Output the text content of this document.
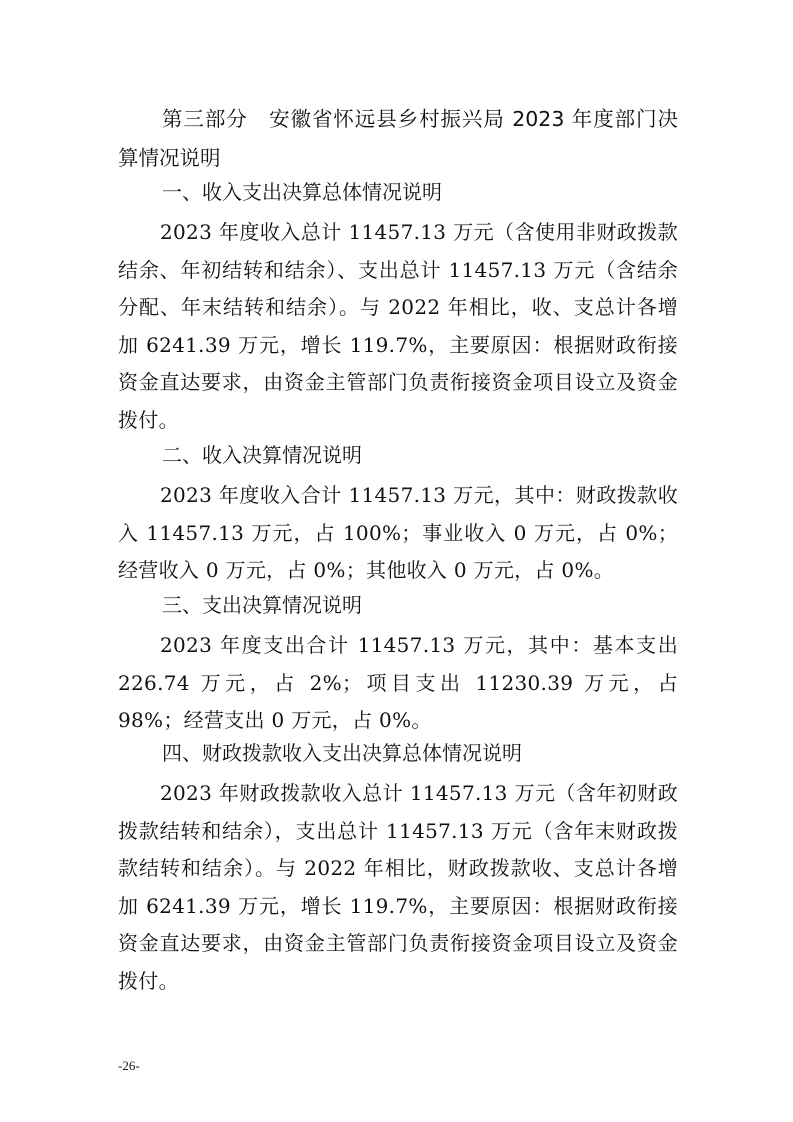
第三部分　安徽省怀远县乡村振兴局 2023 年度部门决算情况说明
一、收入支出决算总体情况说明

2023 年度收入总计 11457.13 万元（含使用非财政拨款结余、年初结转和结余）、支出总计 11457.13 万元（含结余分配、年末结转和结余）。与 2022 年相比，收、支总计各增加 6241.39 万元，增长 119.7%，主要原因：根据财政衔接资金直达要求，由资金主管部门负责衔接资金项目设立及资金拨付。

二、收入决算情况说明

2023 年度收入合计 11457.13 万元，其中：财政拨款收入 11457.13 万元，占 100%；事业收入 0 万元，占 0%；经营收入 0 万元，占 0%；其他收入 0 万元，占 0%。

三、支出决算情况说明

2023 年度支出合计 11457.13 万元，其中：基本支出 226.74 万元，占 2%；项目支出 11230.39 万元，占 98%；经营支出 0 万元，占 0%。

四、财政拨款收入支出决算总体情况说明

2023 年财政拨款收入总计 11457.13 万元（含年初财政拨款结转和结余），支出总计 11457.13 万元（含年末财政拨款结转和结余）。与 2022 年相比，财政拨款收、支总计各增加 6241.39 万元，增长 119.7%，主要原因：根据财政衔接资金直达要求，由资金主管部门负责衔接资金项目设立及资金拨付。

-26-
